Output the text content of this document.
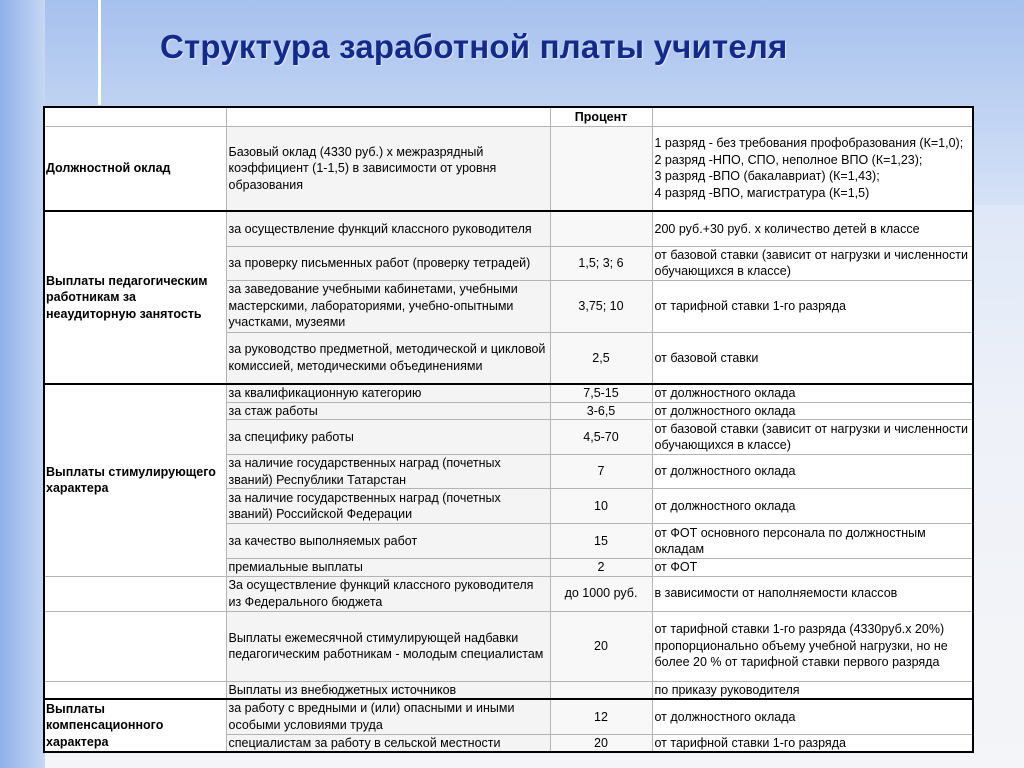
Структура заработной платы учителя
		Процент	
Должностной оклад	Базовый оклад (4330 руб.) х межразрядный коэффициент (1-1,5) в зависимости от уровня образования		1 разряд - без требования профобразования (К=1,0);
2 разряд -НПО, СПО, неполное ВПО (К=1,23);
3 разряд -ВПО (бакалавриат) (К=1,43);
4 разряд -ВПО, магистратура (К=1,5)
Выплаты педагогическим работникам за неаудиторную занятость	за осуществление функций классного руководителя		200 руб.+30 руб. х количество детей в классе
	за проверку письменных работ (проверку тетрадей)	1,5; 3; 6	от базовой ставки (зависит от нагрузки и численности обучающихся в классе)
	за заведование учебными кабинетами, учебными мастерскими, лабораториями, учебно-опытными участками, музеями	3,75; 10	от тарифной ставки 1-го разряда
	за руководство предметной, методической и цикловой комиссией, методическими объединениями	2,5	от базовой ставки
Выплаты стимулирующего характера	за квалификационную категорию	7,5-15	от должностного оклада
	за стаж работы	3-6,5	от должностного оклада
	за специфику работы	4,5-70	от базовой ставки (зависит от нагрузки и численности обучающихся в классе)
	за наличие государственных наград (почетных званий) Республики Татарстан	7	от должностного оклада
	за наличие государственных наград (почетных званий) Российской Федерации	10	от должностного оклада
	за качество выполняемых работ	15	от ФОТ основного персонала по должностным окладам
	премиальные выплаты	2	от ФОТ
	За осуществление функций классного руководителя из Федерального бюджета	до 1000 руб.	в зависимости от наполняемости классов
	Выплаты ежемесячной стимулирующей надбавки педагогическим работникам - молодым специалистам	20	от тарифной ставки 1-го разряда (4330руб.х 20%) пропорционально объему учебной нагрузки, но не более 20 % от тарифной ставки первого разряда
	Выплаты из внебюджетных источников		по приказу руководителя
Выплаты компенсационного характера	за работу с вредными и (или) опасными и иными особыми условиями труда	12	от должностного оклада
	специалистам за работу в сельской местности	20	от тарифной ставки 1-го разряда
